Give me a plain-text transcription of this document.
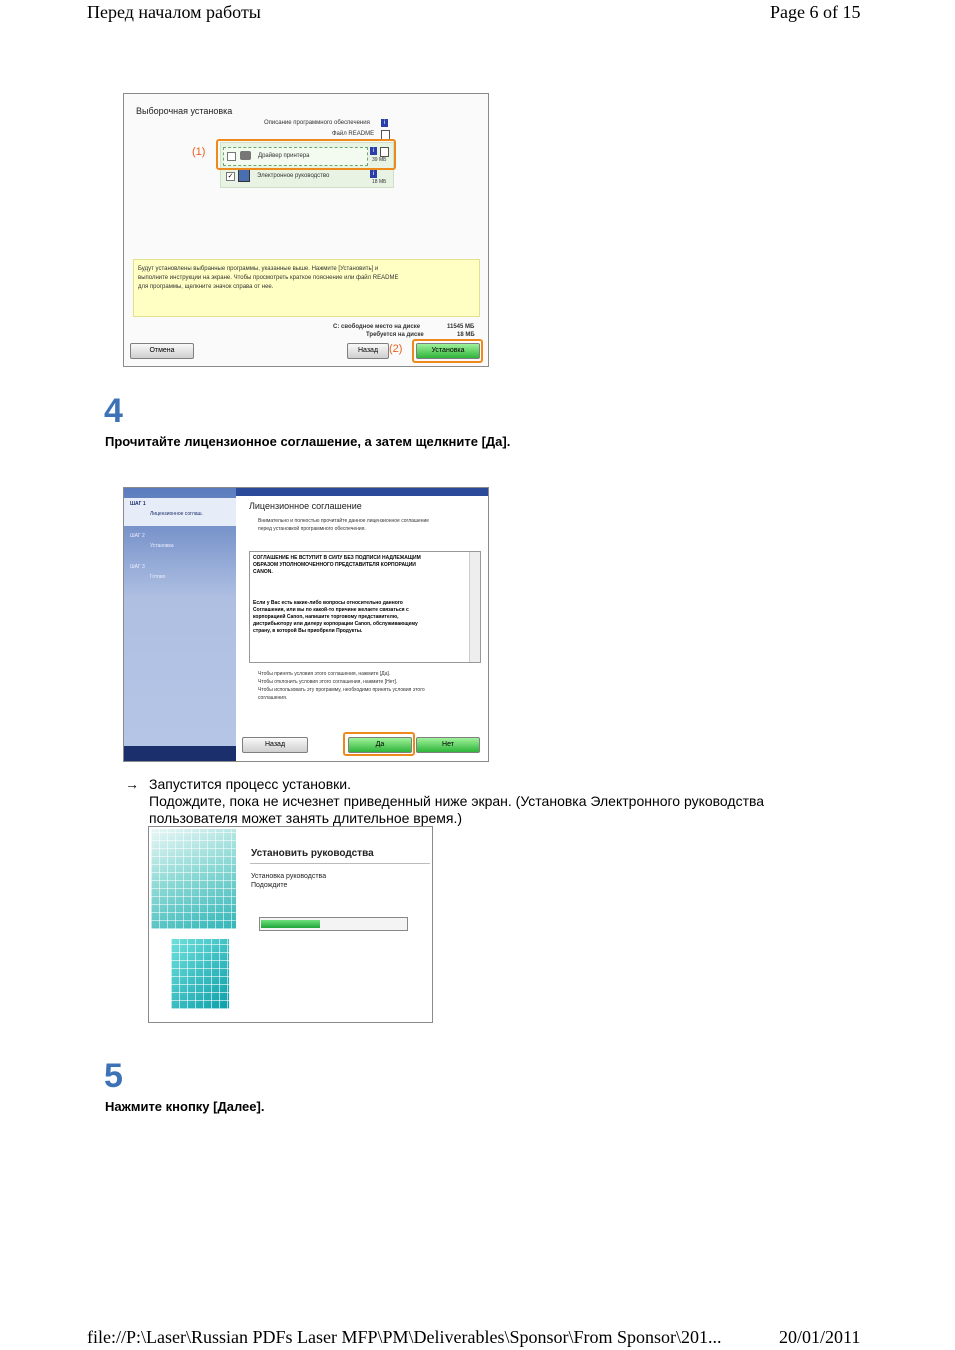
Перед началом работы	Page 6 of 15
Выборочная установка
Описание программного обеспечения	i
Файл README
Драйвер принтера
i
39 МБ
✓	Электронное руководство	i
18 МБ
(1)
Будут установлены выбранные программы, указанные выше. Нажмите [Установить] и
выполните инструкции на экране. Чтобы просмотреть краткое пояснение или файл README
для программы, щелкните значок справа от нее.
С: свободное место на диске	11545 МБ
Требуется на диске	18 МБ
Отмена	Назад (2)	Установка
4
Прочитайте лицензионное соглашение, а затем щелкните [Да].
ШАГ 1
Лицензионное соглаш.
ШАГ 2
Установка
ШАГ 3
Готово
Лицензионное соглашение
Внимательно и полностью прочитайте данное лицензионное соглашение
перед установкой программного обеспечения.
СОГЛАШЕНИЕ НЕ ВСТУПИТ В СИЛУ БЕЗ ПОДПИСИ НАДЛЕЖАЩИМ
ОБРАЗОМ УПОЛНОМОЧЕННОГО ПРЕДСТАВИТЕЛЯ КОРПОРАЦИИ
CANON.
Если у Вас есть какие-либо вопросы относительно данного
Соглашения, или вы по какой-то причине желаете связаться с
корпорацией Canon, напишите торговому представителю,
дистрибьютору или дилеру корпорации Canon, обслуживающему
страну, в которой Вы приобрели Продукты.
Чтобы принять условия этого соглашения, нажмите [Да].
Чтобы отклонить условия этого соглашения, нажмите [Нет].
Чтобы использовать эту программу, необходимо принять условия этого
соглашения.
Назад	Да	Нет
→ Запустится процесс установки.
Подождите, пока не исчезнет приведенный ниже экран. (Установка Электронного руководства
пользователя может занять длительное время.)
Установить руководства
Установка руководства
Подождите
5
Нажмите кнопку [Далее].
file://P:\Laser\Russian PDFs Laser MFP\PM\Deliverables\Sponsor\From Sponsor\201...	20/01/2011
